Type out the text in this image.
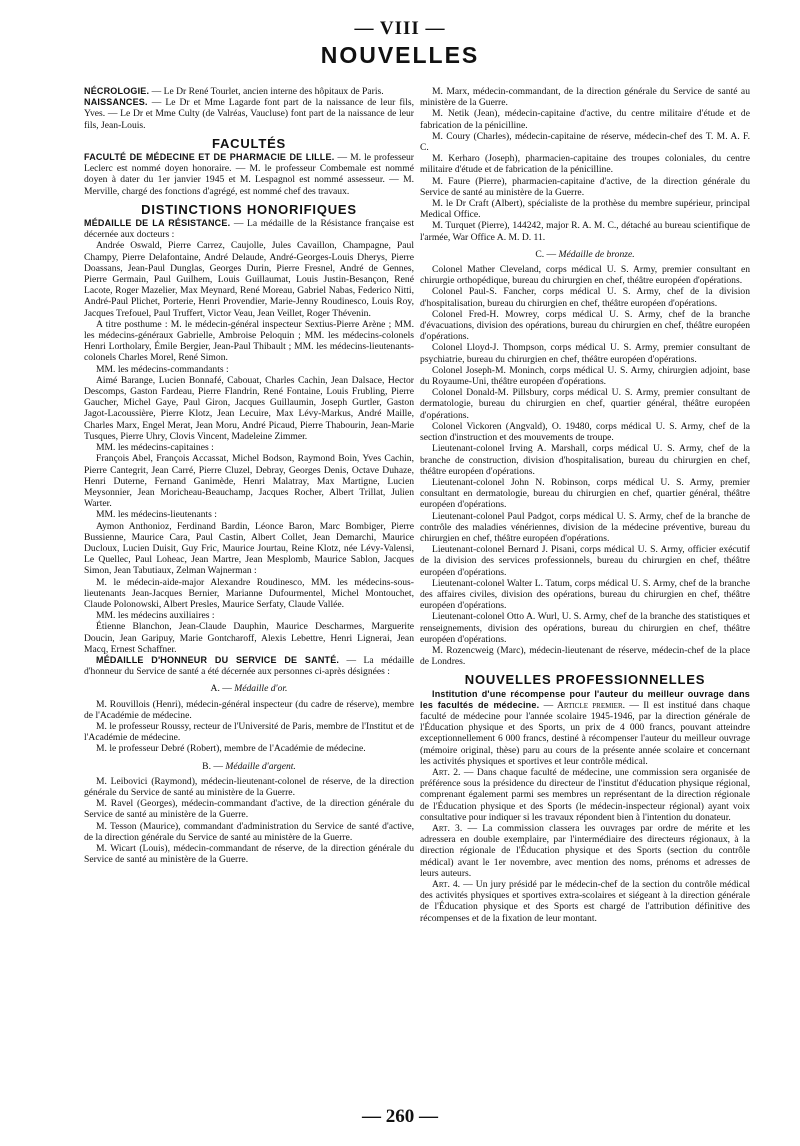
— VIII —
NOUVELLES

NÉCROLOGIE. — Le Dr René Tourlet, ancien interne des hôpitaux de Paris.

NAISSANCES. — Le Dr et Mme Lagarde font part de la naissance de leur fils, Yves. — Le Dr et Mme Culty (de Valréas, Vaucluse) font part de la naissance de leur fils, Jean-Louis.

FACULTÉS

FACULTÉ DE MÉDECINE ET DE PHARMACIE DE LILLE. — M. le professeur Leclerc est nommé doyen honoraire. — M. le professeur Combemale est nommé doyen à dater du 1er janvier 1945 et M. Lespagnol est nommé assesseur. — M. Merville, chargé des fonctions d'agrégé, est nommé chef des travaux.

DISTINCTIONS HONORIFIQUES

MÉDAILLE DE LA RÉSISTANCE. — La médaille de la Résistance française est décernée aux docteurs :

Andrée Oswald, Pierre Carrez, Caujolle, Jules Cavaillon, Champagne, Paul Champy, Pierre Delafontaine, André Delaude, André-Georges-Louis Dherys, Pierre Doassans, Jean-Paul Dunglas, Georges Durin, Pierre Fresnel, André de Gennes, Pierre Germain, Paul Guilhem, Louis Guillaumat, Louis Justin-Besançon, René Lacote, Roger Mazelier, Max Meynard, René Moreau, Gabriel Nabas, Federico Nitti, André-Paul Plichet, Porterie, Henri Provendier, Marie-Jenny Roudinesco, Louis Roy, Jacques Trefouel, Paul Truffert, Victor Veau, Jean Veillet, Roger Thévenin.

A titre posthume : M. le médecin-général inspecteur Sextius-Pierre Arène ; MM. les médecins-généraux Gabrielle, Ambroise Peloquin ; MM. les médecins-colonels Henri Lortholary, Émile Bergier, Jean-Paul Thibault ; MM. les médecins-lieutenants-colonels Charles Morel, René Simon.

MM. les médecins-commandants :

Aimé Barange, Lucien Bonnafé, Cabouat, Charles Cachin, Jean Dalsace, Hector Descomps, Gaston Fardeau, Pierre Flandrin, René Fontaine, Louis Frubling, Pierre Gaucher, Michel Gaye, Paul Giron, Jacques Guillaumin, Joseph Gurtler, Gaston Jagot-Lacoussière, Pierre Klotz, Jean Lecuire, Max Lévy-Markus, André Maille, Charles Marx, Engel Merat, Jean Moru, André Picaud, Pierre Thabourin, Jean-Marie Tusques, Pierre Uhry, Clovis Vincent, Madeleine Zimmer.

MM. les médecins-capitaines :

François Abel, François Accassat, Michel Bodson, Raymond Boin, Yves Cachin, Pierre Cantegrit, Jean Carré, Pierre Cluzel, Debray, Georges Denis, Octave Duhaze, Henri Duterne, Fernand Ganimède, Henri Malatray, Max Martigne, Lucien Meysonnier, Jean Moricheau-Beauchamp, Jacques Rocher, Albert Trillat, Julien Warter.

MM. les médecins-lieutenants :

Aymon Anthonioz, Ferdinand Bardin, Léonce Baron, Marc Bombiger, Pierre Bussienne, Maurice Cara, Paul Castin, Albert Collet, Jean Demarchi, Maurice Ducloux, Lucien Duisit, Guy Fric, Maurice Jourtau, Reine Klotz, née Lévy-Valensi, Le Quellec, Paul Loheac, Jean Martre, Jean Mesplomb, Maurice Sablon, Jacques Simon, Jean Tabutiaux, Zelman Wajnerman :

M. le médecin-aide-major Alexandre Roudinesco, MM. les médecins-sous-lieutenants Jean-Jacques Bernier, Marianne Dufourmentel, Michel Montouchet, Claude Polonowski, Albert Presles, Maurice Serfaty, Claude Vallée.

MM. les médecins auxiliaires :

Étienne Blanchon, Jean-Claude Dauphin, Maurice Descharmes, Marguerite Doucin, Jean Garipuy, Marie Gontcharoff, Alexis Lebettre, Henri Lignerai, Jean Macq, Ernest Schaffner.

MÉDAILLE D'HONNEUR DU SERVICE DE SANTÉ. — La médaille d'honneur du Service de santé a été décernée aux personnes ci-après désignées :

A. — Médaille d'or.

M. Rouvillois (Henri), médecin-général inspecteur (du cadre de réserve), membre de l'Académie de médecine.

M. le professeur Roussy, recteur de l'Université de Paris, membre de l'Institut et de l'Académie de médecine.

M. le professeur Debré (Robert), membre de l'Académie de médecine.

B. — Médaille d'argent.

M. Leibovici (Raymond), médecin-lieutenant-colonel de réserve, de la direction générale du Service de santé au ministère de la Guerre.

M. Ravel (Georges), médecin-commandant d'active, de la direction générale du Service de santé au ministère de la Guerre.

M. Tesson (Maurice), commandant d'administration du Service de santé d'active, de la direction générale du Service de santé au ministère de la Guerre.

M. Wicart (Louis), médecin-commandant de réserve, de la direction générale du Service de santé au ministère de la Guerre.

M. Marx, médecin-commandant, de la direction générale du Service de santé au ministère de la Guerre.

M. Netik (Jean), médecin-capitaine d'active, du centre militaire d'étude et de fabrication de la pénicilline.

M. Coury (Charles), médecin-capitaine de réserve, médecin-chef des T. M. A. F. C.

M. Kerharo (Joseph), pharmacien-capitaine des troupes coloniales, du centre militaire d'étude et de fabrication de la pénicilline.

M. Faure (Pierre), pharmacien-capitaine d'active, de la direction générale du Service de santé au ministère de la Guerre.

M. le Dr Craft (Albert), spécialiste de la prothèse du membre supérieur, principal Medical Office.

M. Turquet (Pierre), 144242, major R. A. M. C., détaché au bureau scientifique de l'armée, War Office A. M. D. 11.

C. — Médaille de bronze.

Colonel Mather Cleveland, corps médical U. S. Army, premier consultant en chirurgie orthopédique, bureau du chirurgien en chef, théâtre européen d'opérations.

Colonel Paul-S. Fancher, corps médical U. S. Army, chef de la division d'hospitalisation, bureau du chirurgien en chef, théâtre européen d'opérations.

Colonel Fred-H. Mowrey, corps médical U. S. Army, chef de la branche d'évacuations, division des opérations, bureau du chirurgien en chef, théâtre européen d'opérations.

Colonel Lloyd-J. Thompson, corps médical U. S. Army, premier consultant de psychiatrie, bureau du chirurgien en chef, théâtre européen d'opérations.

Colonel Joseph-M. Moninch, corps médical U. S. Army, chirurgien adjoint, base du Royaume-Uni, théâtre européen d'opérations.

Colonel Donald-M. Pillsbury, corps médical U. S. Army, premier consultant de dermatologie, bureau du chirurgien en chef, quartier général, théâtre européen d'opérations.

Colonel Vickoren (Angvald), O. 19480, corps médical U. S. Army, chef de la section d'instruction et des mouvements de troupe.

Lieutenant-colonel Irving A. Marshall, corps médical U. S. Army, chef de la branche de construction, division d'hospitalisation, bureau du chirurgien en chef, théâtre européen d'opérations.

Lieutenant-colonel John N. Robinson, corps médical U. S. Army, premier consultant en dermatologie, bureau du chirurgien en chef, quartier général, théâtre européen d'opérations.

Lieutenant-colonel Paul Padgot, corps médical U. S. Army, chef de la branche de contrôle des maladies vénériennes, division de la médecine préventive, bureau du chirurgien en chef, théâtre européen d'opérations.

Lieutenant-colonel Bernard J. Pisani, corps médical U. S. Army, officier exécutif de la division des services professionnels, bureau du chirurgien en chef, théâtre européen d'opérations.

Lieutenant-colonel Walter L. Tatum, corps médical U. S. Army, chef de la branche des affaires civiles, division des opérations, bureau du chirurgien en chef, théâtre européen d'opérations.

Lieutenant-colonel Otto A. Wurl, U. S. Army, chef de la branche des statistiques et renseignements, division des opérations, bureau du chirurgien en chef, théâtre européen d'opérations.

M. Rozencweig (Marc), médecin-lieutenant de réserve, médecin-chef de la place de Londres.

NOUVELLES PROFESSIONNELLES

Institution d'une récompense pour l'auteur du meilleur ouvrage dans les facultés de médecine. — Article premier. — Il est institué dans chaque faculté de médecine pour l'année scolaire 1945-1946, par la direction générale de l'Éducation physique et des Sports, un prix de 4 000 francs, pouvant atteindre exceptionnellement 6 000 francs, destiné à récompenser l'auteur du meilleur ouvrage (mémoire original, thèse) paru au cours de la présente année scolaire et concernant les activités physiques et sportives et leur contrôle médical.

Art. 2. — Dans chaque faculté de médecine, une commission sera organisée de préférence sous la présidence du directeur de l'institut d'éducation physique régional, comprenant également parmi ses membres un représentant de la direction régionale de l'Éducation physique et des Sports (le médecin-inspecteur régional) ayant voix consultative pour indiquer si les travaux répondent bien à l'intention du donateur.

Art. 3. — La commission classera les ouvrages par ordre de mérite et les adressera en double exemplaire, par l'intermédiaire des directeurs régionaux, à la direction régionale de l'Éducation physique et des Sports (section du contrôle médical) avant le 1er novembre, avec mention des noms, prénoms et adresses de leurs auteurs.

Art. 4. — Un jury présidé par le médecin-chef de la section du contrôle médical des activités physiques et sportives extra-scolaires et siégeant à la direction générale de l'Éducation physique et des Sports est chargé de l'attribution définitive des récompenses et de la fixation de leur montant.

— 260 —
